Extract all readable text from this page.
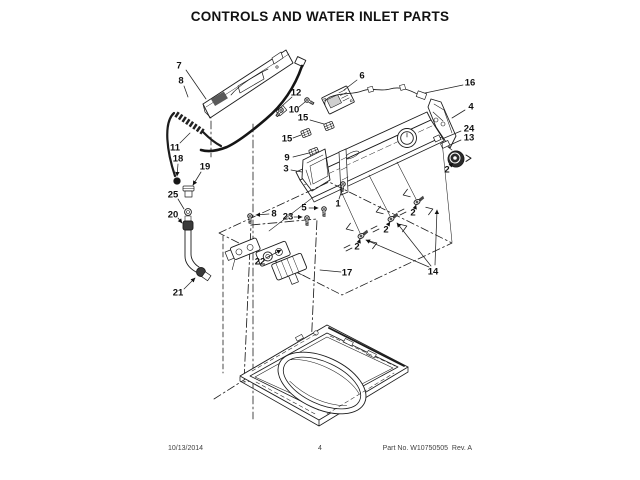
CONTROLS AND WATER INLET PARTS
7
8
11
18
19
25
20
21
12
10
6
16
15
15
9
3
4
24
13
2
1
5
8 23
22
17
2
2
2
14
10/13/2014	4	Part No. W10750505  Rev. A
